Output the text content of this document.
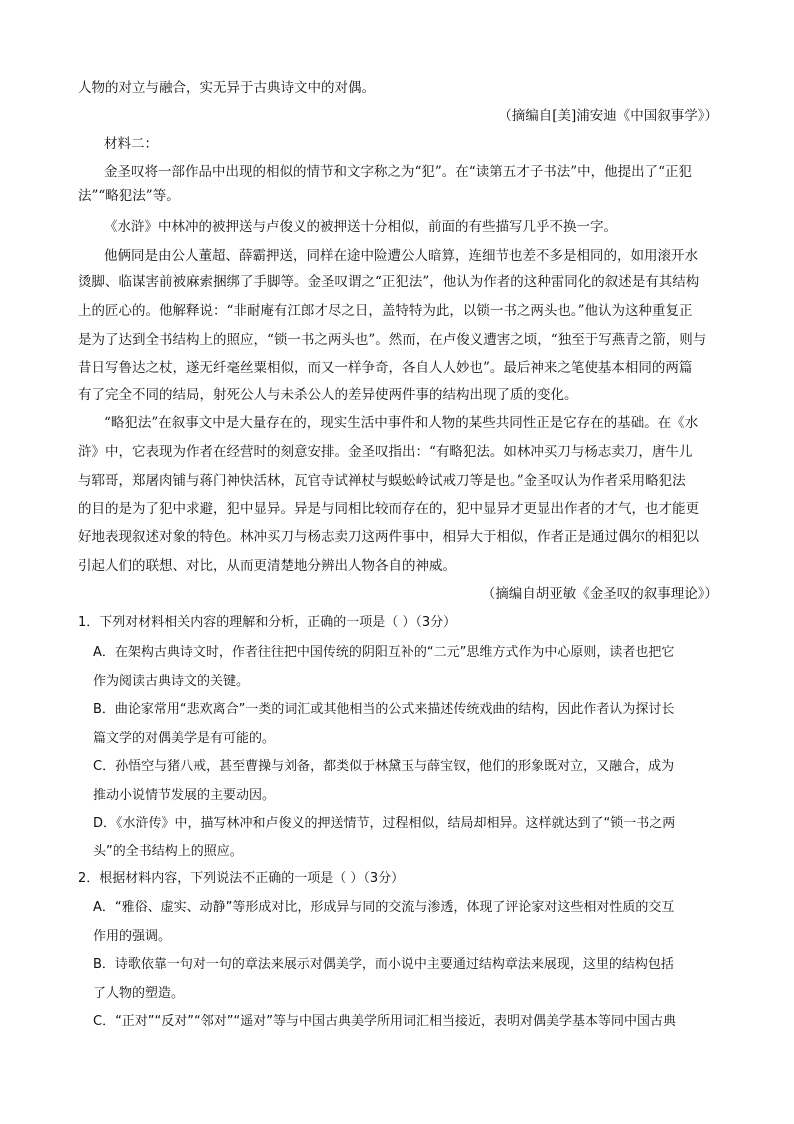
人物的对立与融合，实无异于古典诗文中的对偶。
（摘编自[美]浦安迪《中国叙事学》）
材料二：
金圣叹将一部作品中出现的相似的情节和文字称之为“犯”。在“读第五才子书法”中，他提出了“正犯
法”“略犯法”等。
《水浒》中林冲的被押送与卢俊义的被押送十分相似，前面的有些描写几乎不换一字。
他俩同是由公人董超、薛霸押送，同样在途中险遭公人暗算，连细节也差不多是相同的，如用滚开水
烫脚、临谋害前被麻索捆绑了手脚等。金圣叹谓之“正犯法”，他认为作者的这种雷同化的叙述是有其结构
上的匠心的。他解释说：“非耐庵有江郎才尽之日，盖特特为此，以锁一书之两头也。”他认为这种重复正
是为了达到全书结构上的照应，“锁一书之两头也”。然而，在卢俊义遭害之顷，“独至于写燕青之箭，则与
昔日写鲁达之杖，遂无纤毫丝粟相似，而又一样争奇，各自人人妙也”。最后神来之笔使基本相同的两篇
有了完全不同的结局，射死公人与未杀公人的差异使两件事的结构出现了质的变化。
“略犯法”在叙事文中是大量存在的，现实生活中事件和人物的某些共同性正是它存在的基础。在《水
浒》中，它表现为作者在经营时的刻意安排。金圣叹指出：“有略犯法。如林冲买刀与杨志卖刀，唐牛儿
与郓哥，郑屠肉铺与蒋门神快活林，瓦官寺试禅杖与蜈蚣岭试戒刀等是也。”金圣叹认为作者采用略犯法
的目的是为了犯中求避，犯中显异。异是与同相比较而存在的，犯中显异才更显出作者的才气，也才能更
好地表现叙述对象的特色。林冲买刀与杨志卖刀这两件事中，相异大于相似，作者正是通过偶尔的相犯以
引起人们的联想、对比，从而更清楚地分辨出人物各自的神威。
（摘编自胡亚敏《金圣叹的叙事理论》）
1．下列对材料相关内容的理解和分析，正确的一项是（ ）（3分）
A．在架构古典诗文时，作者往往把中国传统的阴阳互补的“二元”思维方式作为中心原则，读者也把它
作为阅读古典诗文的关键。
B．曲论家常用“悲欢离合”一类的词汇或其他相当的公式来描述传统戏曲的结构，因此作者认为探讨长
篇文学的对偶美学是有可能的。
C．孙悟空与猪八戒，甚至曹操与刘备，都类似于林黛玉与薛宝钗，他们的形象既对立，又融合，成为
推动小说情节发展的主要动因。
D．《水浒传》中，描写林冲和卢俊义的押送情节，过程相似，结局却相异。这样就达到了“锁一书之两
头”的全书结构上的照应。
2．根据材料内容，下列说法不正确的一项是（ ）（3分）
A．“雅俗、虚实、动静”等形成对比，形成异与同的交流与渗透，体现了评论家对这些相对性质的交互
作用的强调。
B．诗歌依靠一句对一句的章法来展示对偶美学，而小说中主要通过结构章法来展现，这里的结构包括
了人物的塑造。
C．“正对”“反对”“邻对”“遥对”等与中国古典美学所用词汇相当接近，表明对偶美学基本等同中国古典
